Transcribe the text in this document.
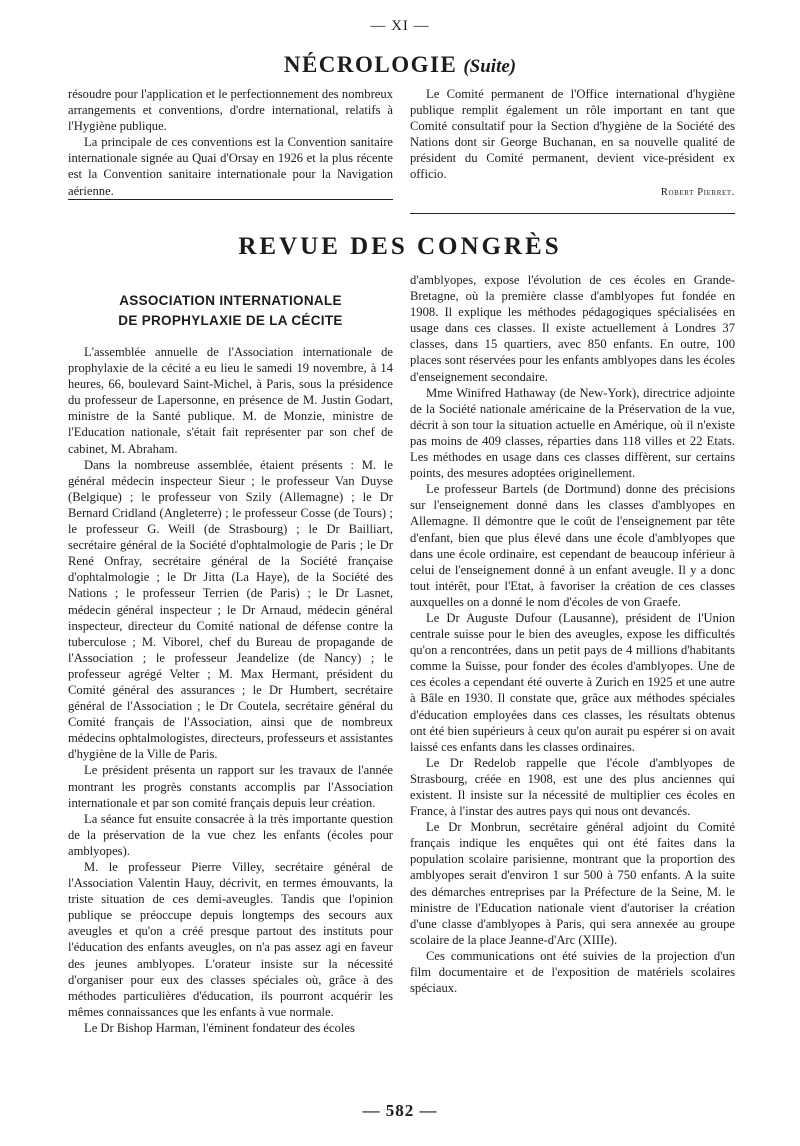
— XI —
NÉCROLOGIE (Suite)

résoudre pour l'application et le perfectionnement des nombreux arrangements et conventions, d'ordre international, relatifs à l'Hygiène publique.

La principale de ces conventions est la Convention sanitaire internationale signée au Quai d'Orsay en 1926 et la plus récente est la Convention sanitaire internationale pour la Navigation aérienne.

Le Comité permanent de l'Office international d'hygiène publique remplit également un rôle important en tant que Comité consultatif pour la Section d'hygiène de la Société des Nations dont sir George Buchanan, en sa nouvelle qualité de président du Comité permanent, devient vice-président ex officio.

Robert Pierret.

REVUE DES CONGRÈS
ASSOCIATION INTERNATIONALE
DE PROPHYLAXIE DE LA CÉCITE

L'assemblée annuelle de l'Association internationale de prophylaxie de la cécité a eu lieu le samedi 19 novembre, à 14 heures, 66, boulevard Saint-Michel, à Paris, sous la présidence du professeur de Lapersonne, en présence de M. Justin Godart, ministre de la Santé publique. M. de Monzie, ministre de l'Education nationale, s'était fait représenter par son chef de cabinet, M. Abraham.

Dans la nombreuse assemblée, étaient présents : M. le général médecin inspecteur Sieur ; le professeur Van Duyse (Belgique) ; le professeur von Szily (Allemagne) ; le Dr Bernard Cridland (Angleterre) ; le professeur Cosse (de Tours) ; le professeur G. Weill (de Strasbourg) ; le Dr Bailliart, secrétaire général de la Société d'ophtalmologie de Paris ; le Dr René Onfray, secrétaire général de la Société française d'ophtalmologie ; le Dr Jitta (La Haye), de la Société des Nations ; le professeur Terrien (de Paris) ; le Dr Lasnet, médecin général inspecteur ; le Dr Arnaud, médecin général inspecteur, directeur du Comité national de défense contre la tuberculose ; M. Viborel, chef du Bureau de propagande de l'Association ; le professeur Jeandelize (de Nancy) ; le professeur agrégé Velter ; M. Max Hermant, président du Comité général des assurances ; le Dr Humbert, secrétaire général de l'Association ; le Dr Coutela, secrétaire général du Comité français de l'Association, ainsi que de nombreux médecins ophtalmologistes, directeurs, professeurs et assistantes d'hygiène de la Ville de Paris.

Le président présenta un rapport sur les travaux de l'année montrant les progrès constants accomplis par l'Association internationale et par son comité français depuis leur création.

La séance fut ensuite consacrée à la très importante question de la préservation de la vue chez les enfants (écoles pour amblyopes).

M. le professeur Pierre Villey, secrétaire général de l'Association Valentin Hauy, décrivit, en termes émouvants, la triste situation de ces demi-aveugles. Tandis que l'opinion publique se préoccupe depuis longtemps des secours aux aveugles et qu'on a créé presque partout des instituts pour l'éducation des enfants aveugles, on n'a pas assez agi en faveur des jeunes amblyopes. L'orateur insiste sur la nécessité d'organiser pour eux des classes spéciales où, grâce à des méthodes particulières d'éducation, ils pourront acquérir les mêmes connaissances que les enfants à vue normale.

Le Dr Bishop Harman, l'éminent fondateur des écoles

d'amblyopes, expose l'évolution de ces écoles en Grande-Bretagne, où la première classe d'amblyopes fut fondée en 1908. Il explique les méthodes pédagogiques spécialisées en usage dans ces classes. Il existe actuellement à Londres 37 classes, dans 15 quartiers, avec 850 enfants. En outre, 100 places sont réservées pour les enfants amblyopes dans les écoles d'enseignement secondaire.

Mme Winifred Hathaway (de New-York), directrice adjointe de la Société nationale américaine de la Préservation de la vue, décrit à son tour la situation actuelle en Amérique, où il n'existe pas moins de 409 classes, réparties dans 118 villes et 22 Etats. Les méthodes en usage dans ces classes diffèrent, sur certains points, des mesures adoptées originellement.

Le professeur Bartels (de Dortmund) donne des précisions sur l'enseignement donné dans les classes d'amblyopes en Allemagne. Il démontre que le coût de l'enseignement par tête d'enfant, bien que plus élevé dans une école d'amblyopes que dans une école ordinaire, est cependant de beaucoup inférieur à celui de l'enseignement donné à un enfant aveugle. Il y a donc tout intérêt, pour l'Etat, à favoriser la création de ces classes auxquelles on a donné le nom d'écoles de von Graefe.

Le Dr Auguste Dufour (Lausanne), président de l'Union centrale suisse pour le bien des aveugles, expose les difficultés qu'on a rencontrées, dans un petit pays de 4 millions d'habitants comme la Suisse, pour fonder des écoles d'amblyopes. Une de ces écoles a cependant été ouverte à Zurich en 1925 et une autre à Bâle en 1930. Il constate que, grâce aux méthodes spéciales d'éducation employées dans ces classes, les résultats obtenus ont été bien supérieurs à ceux qu'on aurait pu espérer si on avait laissé ces enfants dans les classes ordinaires.

Le Dr Redelob rappelle que l'école d'amblyopes de Strasbourg, créée en 1908, est une des plus anciennes qui existent. Il insiste sur la nécessité de multiplier ces écoles en France, à l'instar des autres pays qui nous ont devancés.

Le Dr Monbrun, secrétaire général adjoint du Comité français indique les enquêtes qui ont été faites dans la population scolaire parisienne, montrant que la proportion des amblyopes serait d'environ 1 sur 500 à 750 enfants. A la suite des démarches entreprises par la Préfecture de la Seine, M. le ministre de l'Education nationale vient d'autoriser la création d'une classe d'amblyopes à Paris, qui sera annexée au groupe scolaire de la place Jeanne-d'Arc (XIIIe).

Ces communications ont été suivies de la projection d'un film documentaire et de l'exposition de matériels scolaires spéciaux.

— 582 —
